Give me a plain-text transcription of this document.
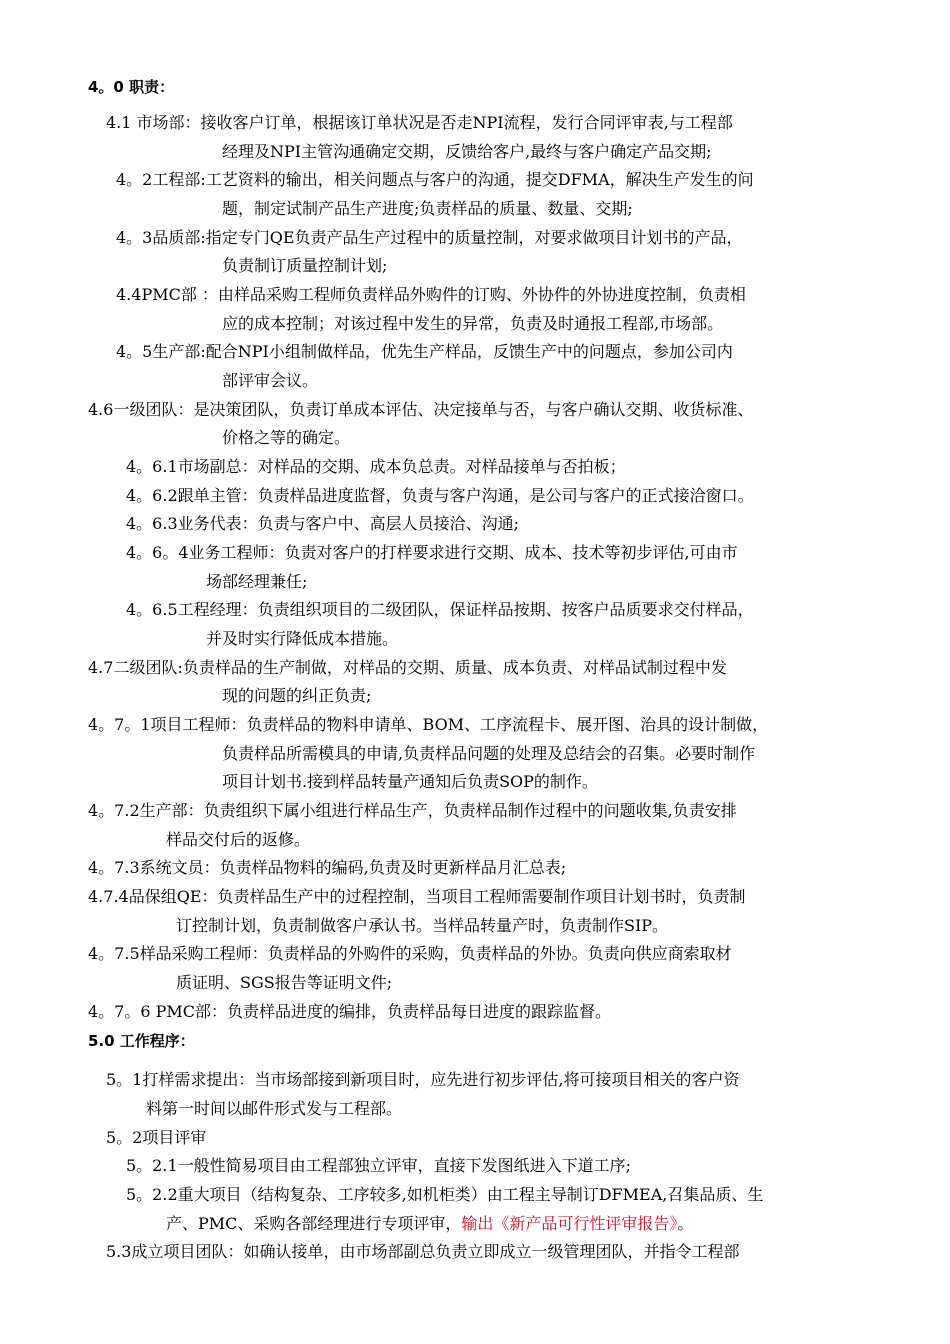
4。0 职责：
4.1 市场部：接收客户订单，根据该订单状况是否走NPI流程，发行合同评审表,与工程部
经理及NPI主管沟通确定交期，反馈给客户,最终与客户确定产品交期;
4。2工程部:工艺资料的输出，相关问题点与客户的沟通，提交DFMA，解决生产发生的问
题，制定试制产品生产进度;负责样品的质量、数量、交期;
4。3品质部:指定专门QE负责产品生产过程中的质量控制，对要求做项目计划书的产品，
负责制订质量控制计划;
4.4PMC部 ：由样品采购工程师负责样品外购件的订购、外协件的外协进度控制，负责相
应的成本控制；对该过程中发生的异常，负责及时通报工程部,市场部。
4。5生产部:配合NPI小组制做样品，优先生产样品，反馈生产中的问题点，参加公司内
部评审会议。
4.6一级团队：是决策团队，负责订单成本评估、决定接单与否，与客户确认交期、收货标准、
价格之等的确定。
4。6.1市场副总：对样品的交期、成本负总责。对样品接单与否拍板；
4。6.2跟单主管：负责样品进度监督，负责与客户沟通，是公司与客户的正式接洽窗口。
4。6.3业务代表：负责与客户中、高层人员接洽、沟通;
4。6。4业务工程师：负责对客户的打样要求进行交期、成本、技术等初步评估,可由市
场部经理兼任;
4。6.5工程经理：负责组织项目的二级团队，保证样品按期、按客户品质要求交付样品，
并及时实行降低成本措施。
4.7二级团队:负责样品的生产制做，对样品的交期、质量、成本负责、对样品试制过程中发
现的问题的纠正负责;
4。7。1项目工程师：负责样品的物料申请单、BOM、工序流程卡、展开图、治具的设计制做，
负责样品所需模具的申请,负责样品问题的处理及总结会的召集。必要时制作
项目计划书.接到样品转量产通知后负责SOP的制作。
4。7.2生产部：负责组织下属小组进行样品生产，负责样品制作过程中的问题收集,负责安排
样品交付后的返修。
4。7.3系统文员：负责样品物料的编码,负责及时更新样品月汇总表;
4.7.4品保组QE：负责样品生产中的过程控制，当项目工程师需要制作项目计划书时，负责制
订控制计划，负责制做客户承认书。当样品转量产时，负责制作SIP。
4。7.5样品采购工程师：负责样品的外购件的采购，负责样品的外协。负责向供应商索取材
质证明、SGS报告等证明文件;
4。7。6 PMC部：负责样品进度的编排，负责样品每日进度的跟踪监督。
5.0 工作程序：
5。1打样需求提出：当市场部接到新项目时，应先进行初步评估,将可接项目相关的客户资
料第一时间以邮件形式发与工程部。
5。2项目评审
5。2.1一般性简易项目由工程部独立评审，直接下发图纸进入下道工序;
5。2.2重大项目（结构复杂、工序较多,如机柜类）由工程主导制订DFMEA,召集品质、生
产、PMC、采购各部经理进行专项评审，输出《新产品可行性评审报告》。
5.3成立项目团队：如确认接单，由市场部副总负责立即成立一级管理团队，并指令工程部
